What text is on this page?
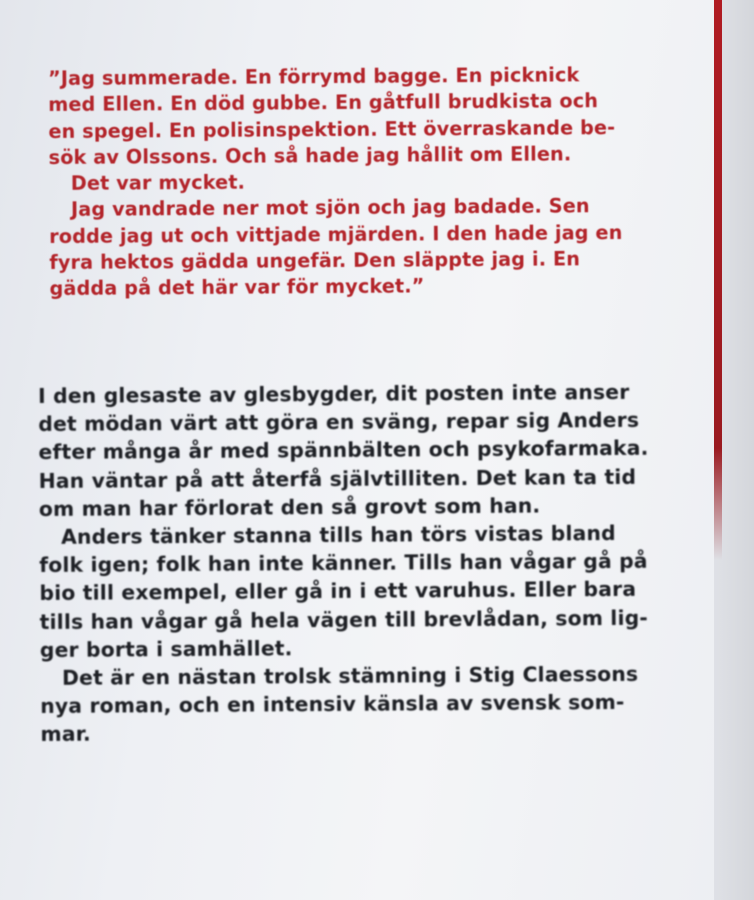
”Jag summerade. En förrymd bagge. En picknick
med Ellen. En död gubbe. En gåtfull brudkista och
en spegel. En polisinspektion. Ett överraskande be-
sök av Olssons. Och så hade jag hållit om Ellen.
Det var mycket.
Jag vandrade ner mot sjön och jag badade. Sen
rodde jag ut och vittjade mjärden. I den hade jag en
fyra hektos gädda ungefär. Den släppte jag i. En
gädda på det här var för mycket.”
I den glesaste av glesbygder, dit posten inte anser
det mödan värt att göra en sväng, repar sig Anders
efter många år med spännbälten och psykofarmaka.
Han väntar på att återfå självtilliten. Det kan ta tid
om man har förlorat den så grovt som han.
Anders tänker stanna tills han törs vistas bland
folk igen; folk han inte känner. Tills han vågar gå på
bio till exempel, eller gå in i ett varuhus. Eller bara
tills han vågar gå hela vägen till brevlådan, som lig-
ger borta i samhället.
Det är en nästan trolsk stämning i Stig Claessons
nya roman, och en intensiv känsla av svensk som-
mar.
